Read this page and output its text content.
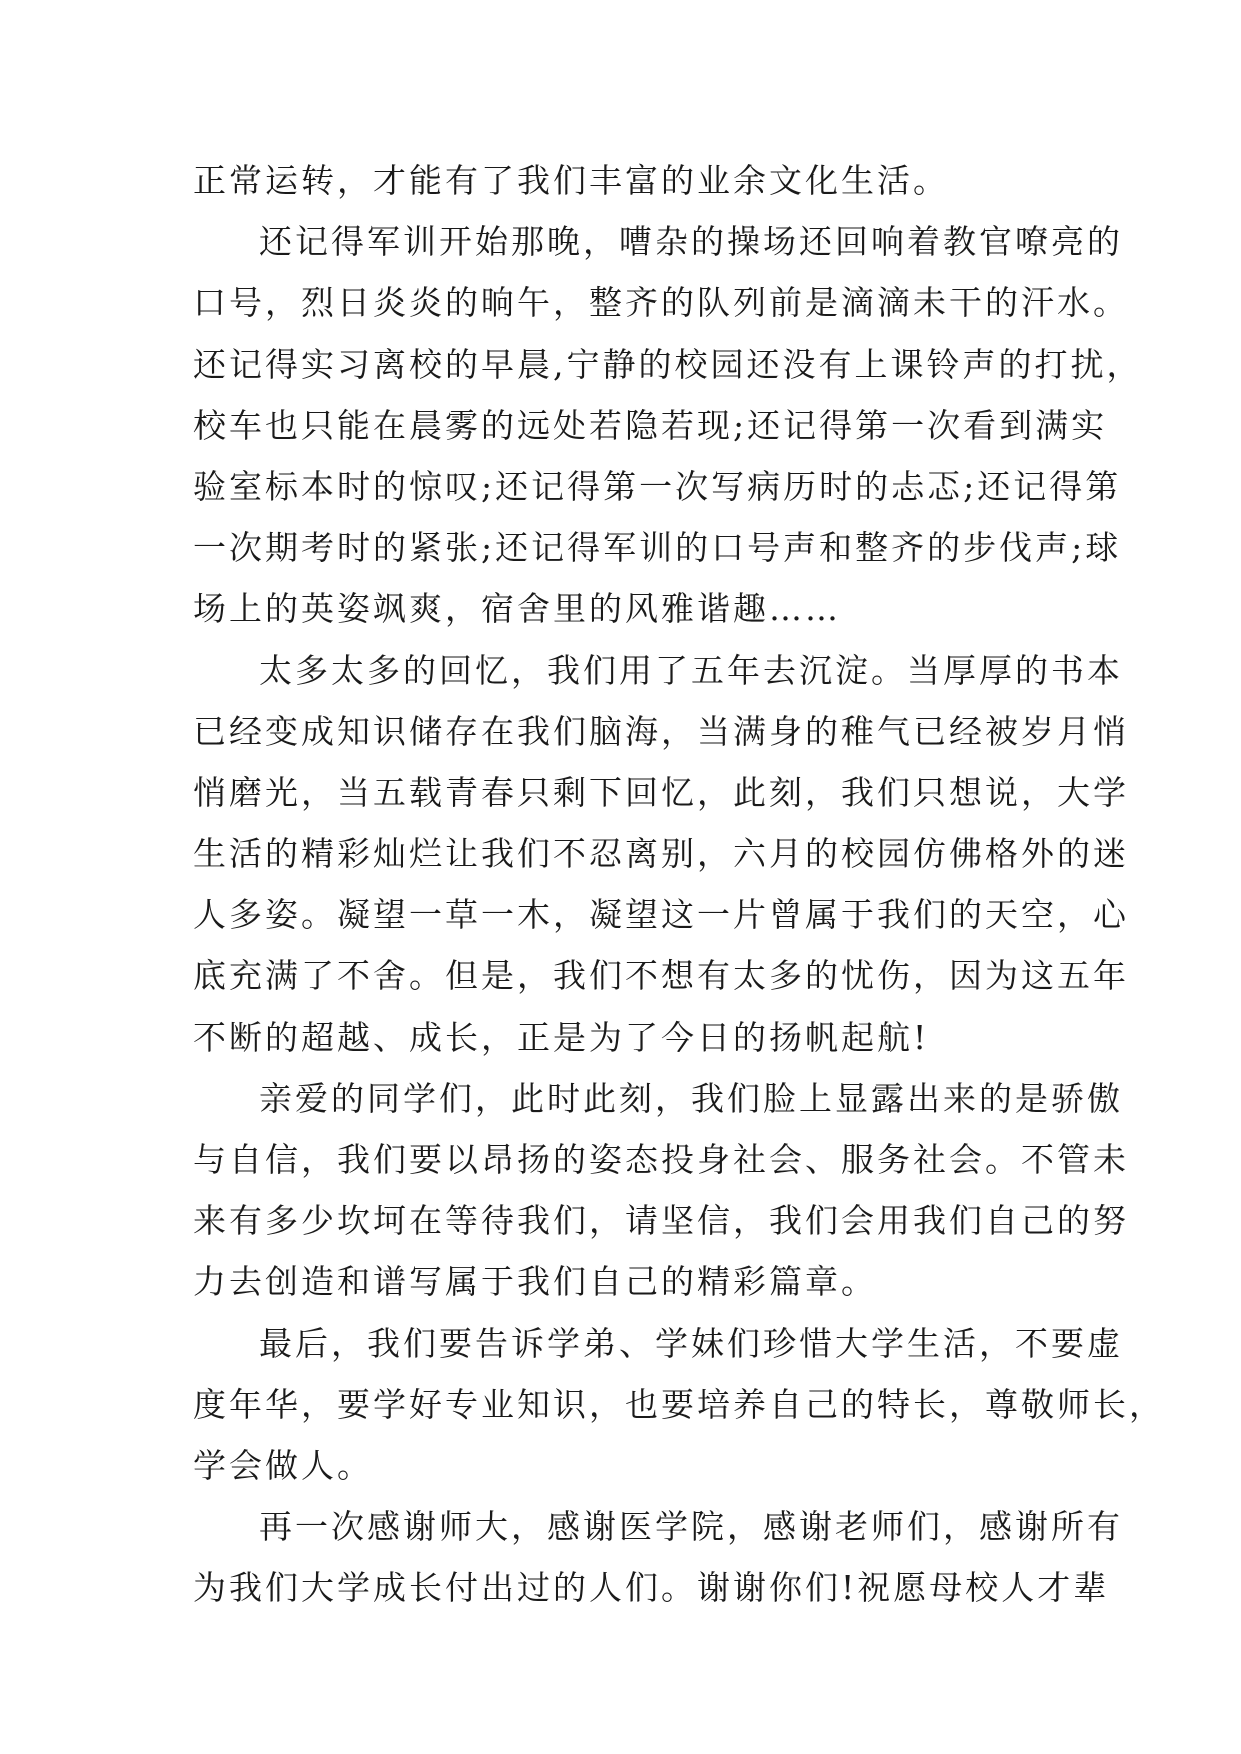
正常运转，才能有了我们丰富的业余文化生活。
还记得军训开始那晚，嘈杂的操场还回响着教官嘹亮的
口号，烈日炎炎的晌午，整齐的队列前是滴滴未干的汗水。
还记得实习离校的早晨,宁静的校园还没有上课铃声的打扰，
校车也只能在晨雾的远处若隐若现;还记得第一次看到满实
验室标本时的惊叹;还记得第一次写病历时的忐忑;还记得第
一次期考时的紧张;还记得军训的口号声和整齐的步伐声;球
场上的英姿飒爽，宿舍里的风雅谐趣……
太多太多的回忆，我们用了五年去沉淀。当厚厚的书本
已经变成知识储存在我们脑海，当满身的稚气已经被岁月悄
悄磨光，当五载青春只剩下回忆，此刻，我们只想说，大学
生活的精彩灿烂让我们不忍离别，六月的校园仿佛格外的迷
人多姿。凝望一草一木，凝望这一片曾属于我们的天空，心
底充满了不舍。但是，我们不想有太多的忧伤，因为这五年
不断的超越、成长，正是为了今日的扬帆起航!
亲爱的同学们，此时此刻，我们脸上显露出来的是骄傲
与自信，我们要以昂扬的姿态投身社会、服务社会。不管未
来有多少坎坷在等待我们，请坚信，我们会用我们自己的努
力去创造和谱写属于我们自己的精彩篇章。
最后，我们要告诉学弟、学妹们珍惜大学生活，不要虚
度年华，要学好专业知识，也要培养自己的特长，尊敬师长，
学会做人。
再一次感谢师大，感谢医学院，感谢老师们，感谢所有
为我们大学成长付出过的人们。谢谢你们!祝愿母校人才辈
